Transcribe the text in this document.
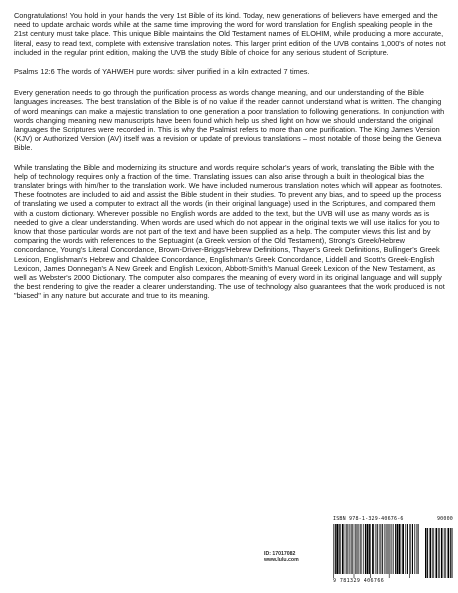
Congratulations! You hold in your hands the very 1st Bible of its kind. Today, new generations of believers have emerged and the need to update archaic words while at the same time improving the word for word translation for English speaking people in the 21st century must take place. This unique Bible maintains the Old Testament names of ELOHIM, while producing a more accurate, literal, easy to read text, complete with extensive translation notes. This larger print edition of the UVB contains 1,000's of notes not included in the regular print edition, making the UVB the study Bible of choice for any serious student of Scripture.

Psalms 12:6 The words of YAHWEH pure words: silver purified in a kiln extracted 7 times.

Every generation needs to go through the purification process as words change meaning, and our understanding of the Bible languages increases. The best translation of the Bible is of no value if the reader cannot understand what is written. The changing of word meanings can make a majestic translation to one generation a poor translation to following generations. In conjunction with words changing meaning new manuscripts have been found which help us shed light on how we should understand the original languages the Scriptures were recorded in. This is why the Psalmist refers to more than one purification. The King James Version (KJV) or Authorized Version (AV) itself was a revision or update of previous translations – most notable of those being the Geneva Bible.

While translating the Bible and modernizing its structure and words require scholar's years of work, translating the Bible with the help of technology requires only a fraction of the time. Translating issues can also arise through a built in theological bias the translater brings with him/her to the translation work. We have included numerous translation notes which will appear as footnotes. These footnotes are included to aid and assist the Bible student in their studies. To prevent any bias, and to speed up the process of translating we used a computer to extract all the words (in their original language) used in the Scriptures, and compared them with a custom dictionary. Wherever possible no English words are added to the text, but the UVB will use as many words as is needed to give a clear understanding. When words are used which do not appear in the original texts we will use italics for you to know that those particular words are not part of the text and have been supplied as a help. The computer views this list and by comparing the words with references to the Septuagint (a Greek version of the Old Testament), Strong's Greek/Hebrew concordance, Young's Literal Concordance, Brown-Driver-Briggs'Hebrew Definitions, Thayer's Greek Definitions, Bullinger's Greek Lexicon, Englishman's Hebrew and Chaldee Concordance, Englishman's Greek Concordance, Liddell and Scott's Greek-English Lexicon, James Donnegan's A New Greek and English Lexicon, Abbott-Smith's Manual Greek Lexicon of the New Testament, as well as Webster's 2000 Dictionary. The computer also compares the meaning of every word in its original language and will supply the best rendering to give the reader a clearer understanding. The use of technology also guarantees that the work produced is not "biased" in any nature but accurate and true to its meaning.

ID: 17017082
www.lulu.com
ISBN 978-1-329-40676-6	90000
9 781329 406766
